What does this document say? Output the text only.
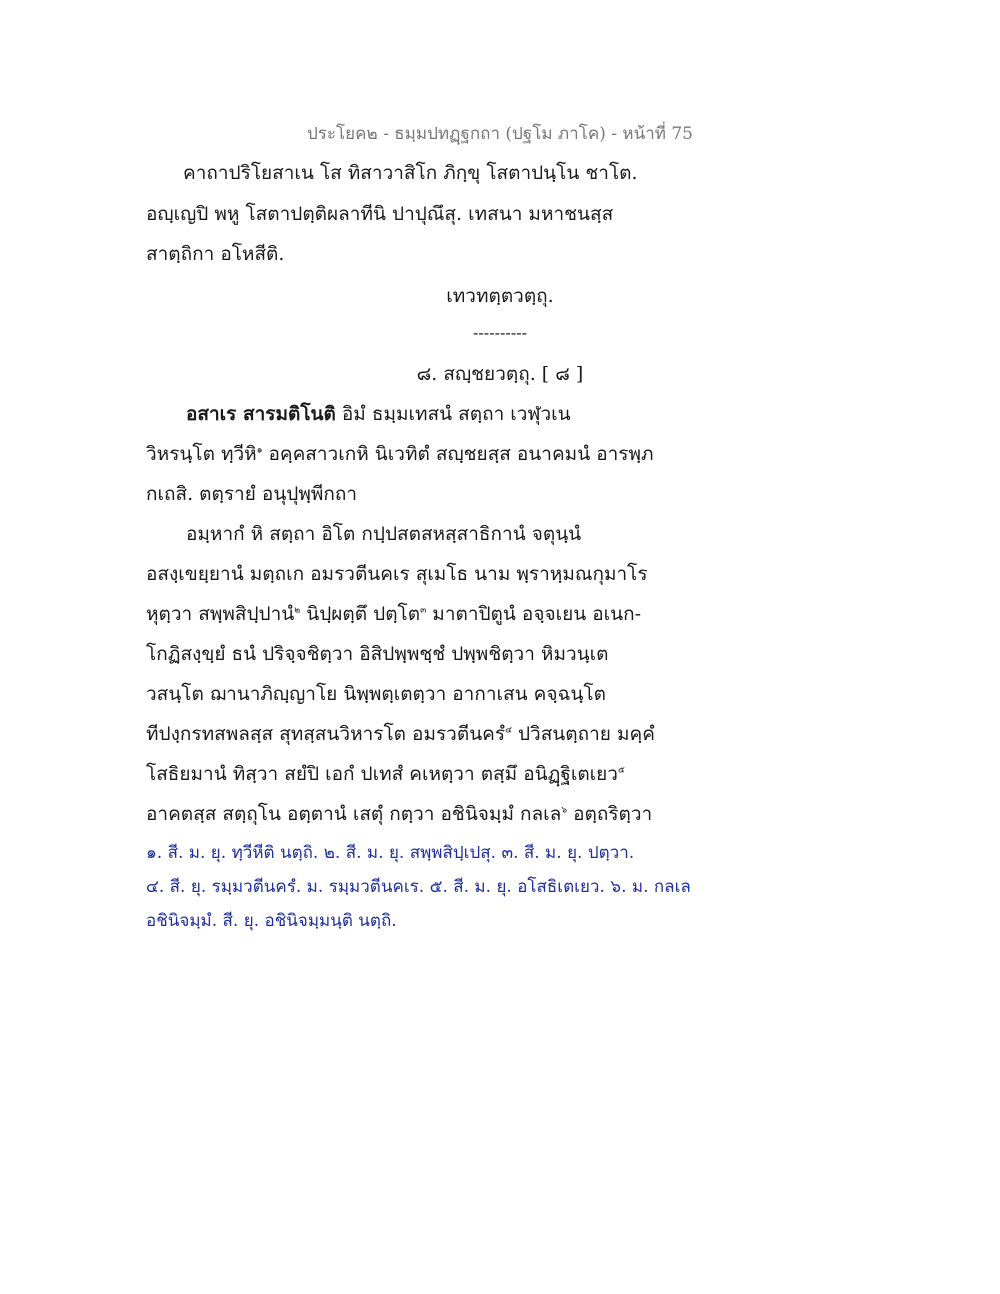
ประโยค๒ - ธมฺมปทฏฺฐกถา (ปฐโม ภาโค) - หน้าที่ 75
คาถาปริโยสาเน โส ทิสาวาสิโก ภิกฺขุ โสตาปนฺโน ชาโต.
อญฺเญปิ พหู โสตาปตฺติผลาทีนิ ปาปุณึสุ. เทสนา มหาชนสฺส
สาตฺถิกา อโหสีติ.
เทวทตฺตวตฺถุ.
----------
๘. สญฺชยวตฺถุ. [ ๘ ]
อสาเร สารมติโนติ อิมํ ธมฺมเทสนํ สตฺถา เวฬุวเน
วิหรนฺโต ทฺวีหิ$^๑$ อคฺคสาวเกหิ นิเวทิตํ สญฺชยสฺส อนาคมนํ อารพฺภ
กเถสิ. ตตฺรายํ อนุปุพฺพีกถา
อมฺหากํ หิ สตฺถา อิโต กปฺปสตสหสฺสาธิกานํ จตุนฺนํ
อสงฺเขยฺยานํ มตฺถเก อมรวตีนคเร สุเมโธ นาม พฺราหฺมณกุมาโร
หุตฺวา สพฺพสิปฺปานํ$^๒$ นิปฺผตฺตึ ปตฺโต$^๓$ มาตาปิตูนํ อจฺจเยน อเนก-
โกฏิสงฺขฺยํ ธนํ ปริจฺจชิตฺวา อิสิปพฺพชฺชํ ปพฺพชิตฺวา หิมวนฺเต
วสนฺโต ฌานาภิญฺญาโย นิพฺพตฺเตตฺวา อากาเสน คจฺฉนฺโต
ทีปงฺกรทสพลสฺส สุทสฺสนวิหารโต อมรวตีนครํ$^๔$ ปวิสนตฺถาย มคฺคํ
โสธิยมานํ ทิสฺวา สยํปิ เอกํ ปเทสํ คเหตฺวา ตสฺมึ อนิฏฺฐิเตเยว$^๕$
อาคตสฺส สตฺถุโน อตฺตานํ เสตุํ กตฺวา อชินิจมฺมํ กลเล$^๖$ อตฺถริตฺวา
๑. สี. ม. ยุ. ทฺวีหีติ นตฺถิ. ๒. สี. ม. ยุ. สพฺพสิปฺเปสุ. ๓. สี. ม. ยุ. ปตฺวา.
๔. สี. ยุ. รมฺมวตีนครํ. ม. รมฺมวตีนคเร. ๕. สี. ม. ยุ. อโสธิเตเยว. ๖. ม. กลเล
อชินิจมฺมํ. สี. ยุ. อชินิจมฺมนฺติ นตฺถิ.
